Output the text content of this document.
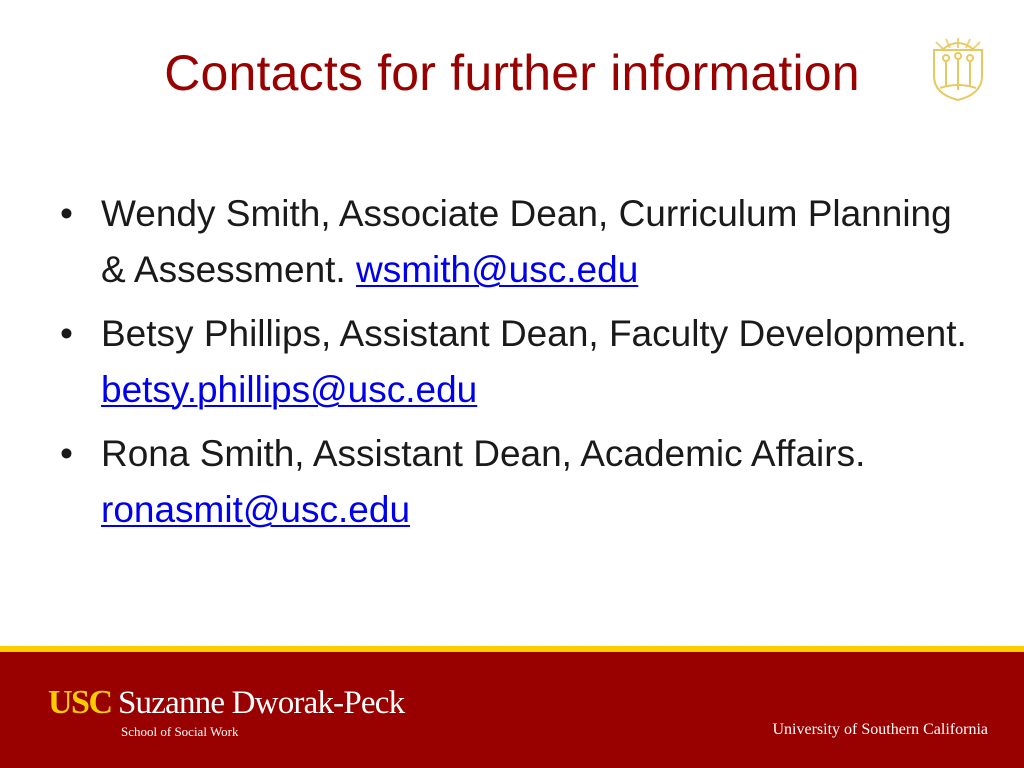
Contacts for further information
• Wendy Smith, Associate Dean, Curriculum Planning & Assessment. wsmith@usc.edu
• Betsy Phillips, Assistant Dean, Faculty Development. betsy.phillips@usc.edu
• Rona Smith, Assistant Dean, Academic Affairs. ronasmit@usc.edu
USC Suzanne Dworak-Peck
School of Social Work	University of Southern California
